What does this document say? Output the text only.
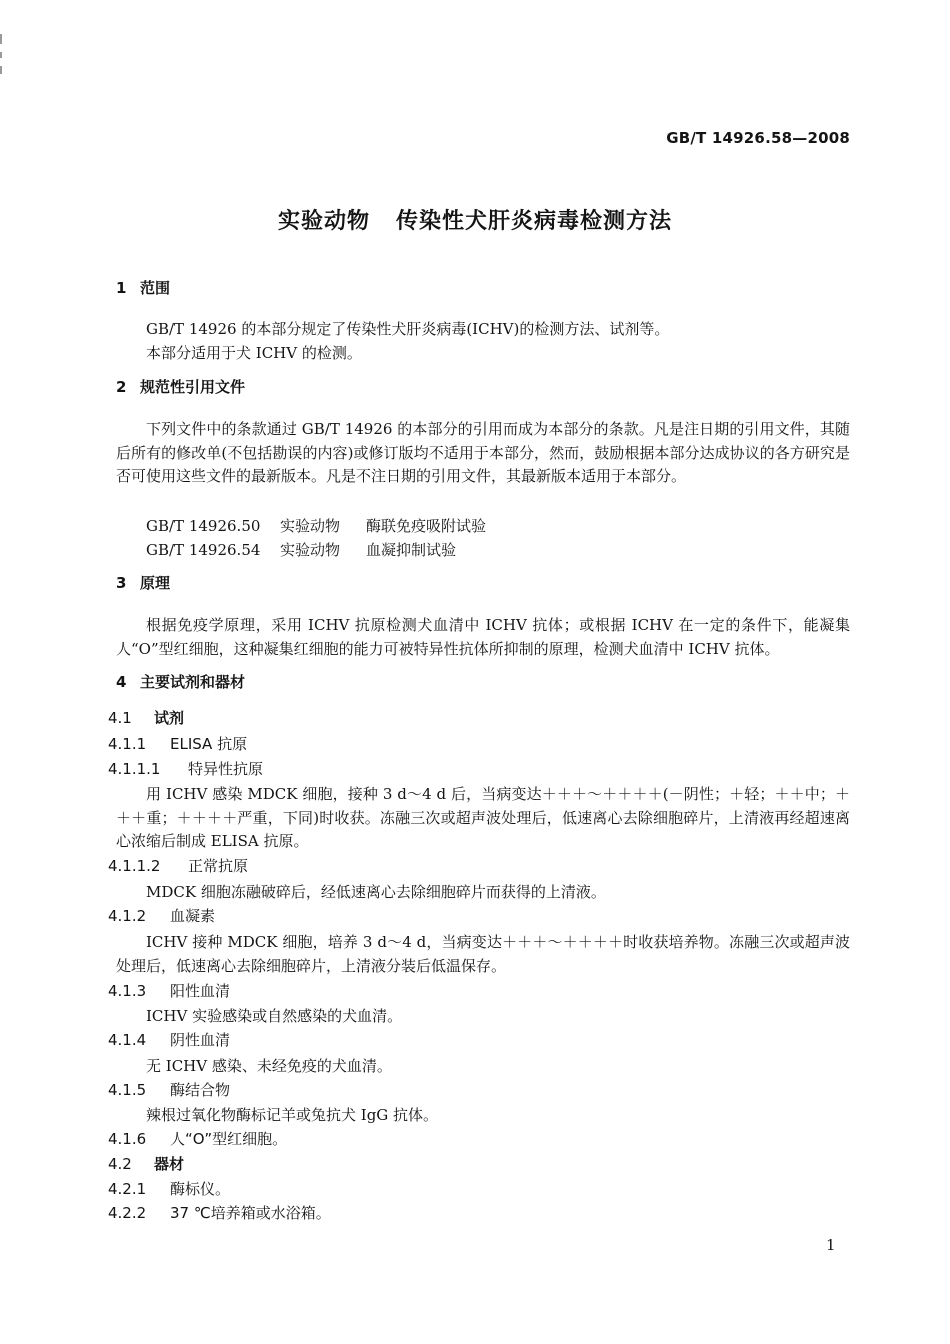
GB/T 14926.58—2008
实验动物 传染性犬肝炎病毒检测方法
1 范围
GB/T 14926 的本部分规定了传染性犬肝炎病毒(ICHV)的检测方法、试剂等。
本部分适用于犬 ICHV 的检测。
2 规范性引用文件
下列文件中的条款通过 GB/T 14926 的本部分的引用而成为本部分的条款。凡是注日期的引用文件，其随后所有的修改单(不包括勘误的内容)或修订版均不适用于本部分，然而，鼓励根据本部分达成协议的各方研究是否可使用这些文件的最新版本。凡是不注日期的引用文件，其最新版本适用于本部分。
GB/T 14926.50 实验动物 酶联免疫吸附试验
GB/T 14926.54 实验动物 血凝抑制试验
3 原理
根据免疫学原理，采用 ICHV 抗原检测犬血清中 ICHV 抗体；或根据 ICHV 在一定的条件下，能凝集人“O”型红细胞，这种凝集红细胞的能力可被特异性抗体所抑制的原理，检测犬血清中 ICHV 抗体。
4 主要试剂和器材
4.1 试剂
4.1.1 ELISA 抗原
4.1.1.1 特异性抗原
用 ICHV 感染 MDCK 细胞，接种 3 d～4 d 后，当病变达＋＋＋～＋＋＋＋(－阴性；＋轻；＋＋中；＋＋＋重；＋＋＋＋严重，下同)时收获。冻融三次或超声波处理后，低速离心去除细胞碎片，上清液再经超速离心浓缩后制成 ELISA 抗原。
4.1.1.2 正常抗原
MDCK 细胞冻融破碎后，经低速离心去除细胞碎片而获得的上清液。
4.1.2 血凝素
ICHV 接种 MDCK 细胞，培养 3 d～4 d，当病变达＋＋＋～＋＋＋＋时收获培养物。冻融三次或超声波处理后，低速离心去除细胞碎片，上清液分装后低温保存。
4.1.3 阳性血清
ICHV 实验感染或自然感染的犬血清。
4.1.4 阴性血清
无 ICHV 感染、未经免疫的犬血清。
4.1.5 酶结合物
辣根过氧化物酶标记羊或兔抗犬 IgG 抗体。
4.1.6 人“O”型红细胞。
4.2 器材
4.2.1 酶标仪。
4.2.2 37 ℃培养箱或水浴箱。
1
